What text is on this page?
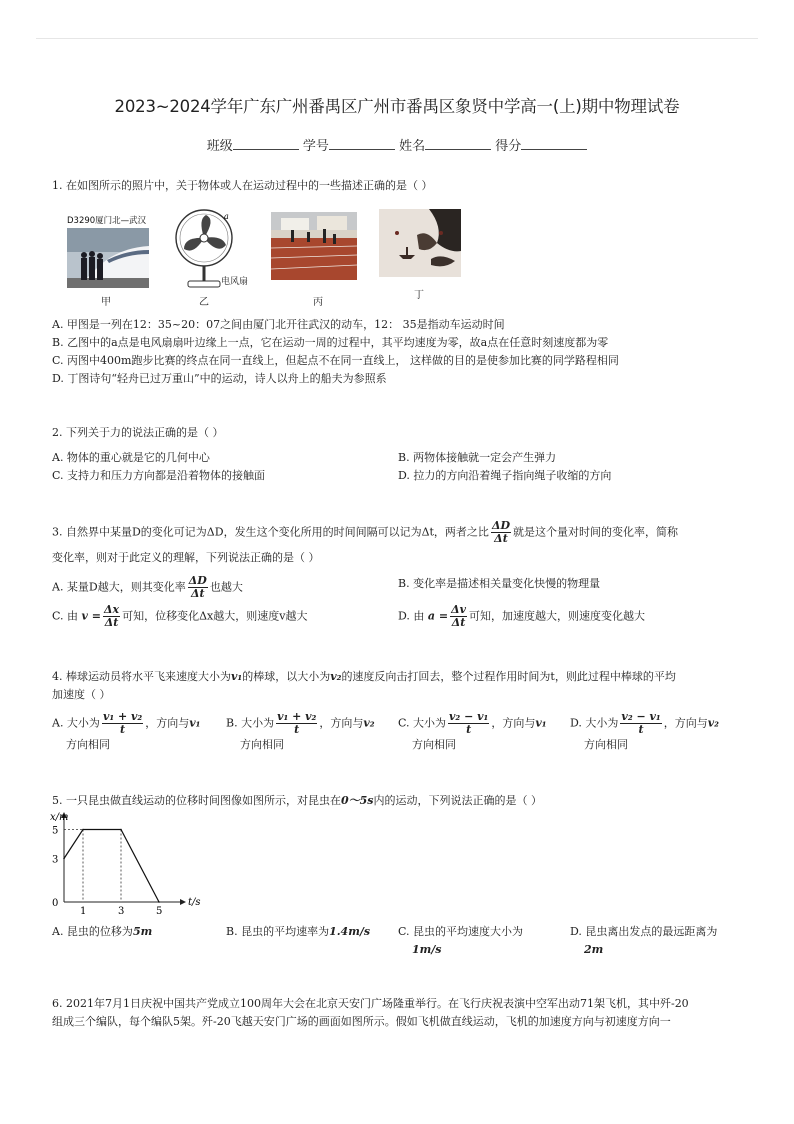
2023~2024学年广东广州番禺区广州市番禺区象贤中学高一(上)期中物理试卷
班级	学号	姓名	得分
1. 在如图所示的照片中，关于物体或人在运动过程中的一些描述正确的是（ ）
D3290厦门北—武汉
甲
a
电风扇
乙	丙
丁
A. 甲图是一列在12：35~20：07之间由厦门北开往武汉的动车，12： 35是指动车运动时间
B. 乙图中的a点是电风扇扇叶边缘上一点，它在运动一周的过程中，其平均速度为零，故a点在任意时刻速度都为零
C. 丙图中400m跑步比赛的终点在同一直线上，但起点不在同一直线上， 这样做的目的是使参加比赛的同学路程相同
D. 丁图诗句“轻舟已过万重山”中的运动，诗人以舟上的船夫为参照系
2. 下列关于力的说法正确的是（ ）
A. 物体的重心就是它的几何中心	B. 两物体接触就一定会产生弹力
C. 支持力和压力方向都是沿着物体的接触面	D. 拉力的方向沿着绳子指向绳子收缩的方向
3. 自然界中某量D的变化可记为ΔD，发生这个变化所用的时间间隔可以记为Δt，两者之比 $\frac{\Delta D}{\Delta t}$ 就是这个量对时间的变化率，简称
变化率，则对于此定义的理解，下列说法正确的是（ ）
A. 某量D越大，则其变化率 $\frac{\Delta D}{\Delta t}$ 也越大	B. 变化率是描述相关量变化快慢的物理量
C. 由 $v = \frac{\Delta x}{\Delta t}$ 可知，位移变化Δx越大，则速度v越大	D. 由 $a = \frac{\Delta v}{\Delta t}$ 可知，加速度越大，则速度变化越大
4. 棒球运动员将水平飞来速度大小为v₁的棒球，以大小为v₂的速度反向击打回去，整个过程作用时间为t，则此过程中棒球的平均
加速度（ ）
A. 大小为 $\frac{\text{v₁ + v₂}}{t}$ ，方向与v₁
方向相同
B. 大小为 $\frac{\text{v₁ + v₂}}{t}$ ，方向与v₂
方向相同
C. 大小为 $\frac{\text{v₂ − v₁}}{t}$ ，方向与v₁
方向相同
D. 大小为 $\frac{\text{v₂ − v₁}}{t}$ ，方向与v₂
方向相同
5. 一只昆虫做直线运动的位移时间图像如图所示，对昆虫在0～5s内的运动，下列说法正确的是（ ）
x/m
t/s
0
3
5
1	3	5
A. 昆虫的位移为5m	B. 昆虫的平均速率为1.4m/s	C. 昆虫的平均速度大小为
1m/s
D. 昆虫离出发点的最远距离为
2m
6. 2021年7月1日庆祝中国共产党成立100周年大会在北京天安门广场隆重举行。在飞行庆祝表演中空军出动71架飞机，其中歼-20
组成三个编队，每个编队5架。歼-20飞越天安门广场的画面如图所示。假如飞机做直线运动，飞机的加速度方向与初速度方向一
